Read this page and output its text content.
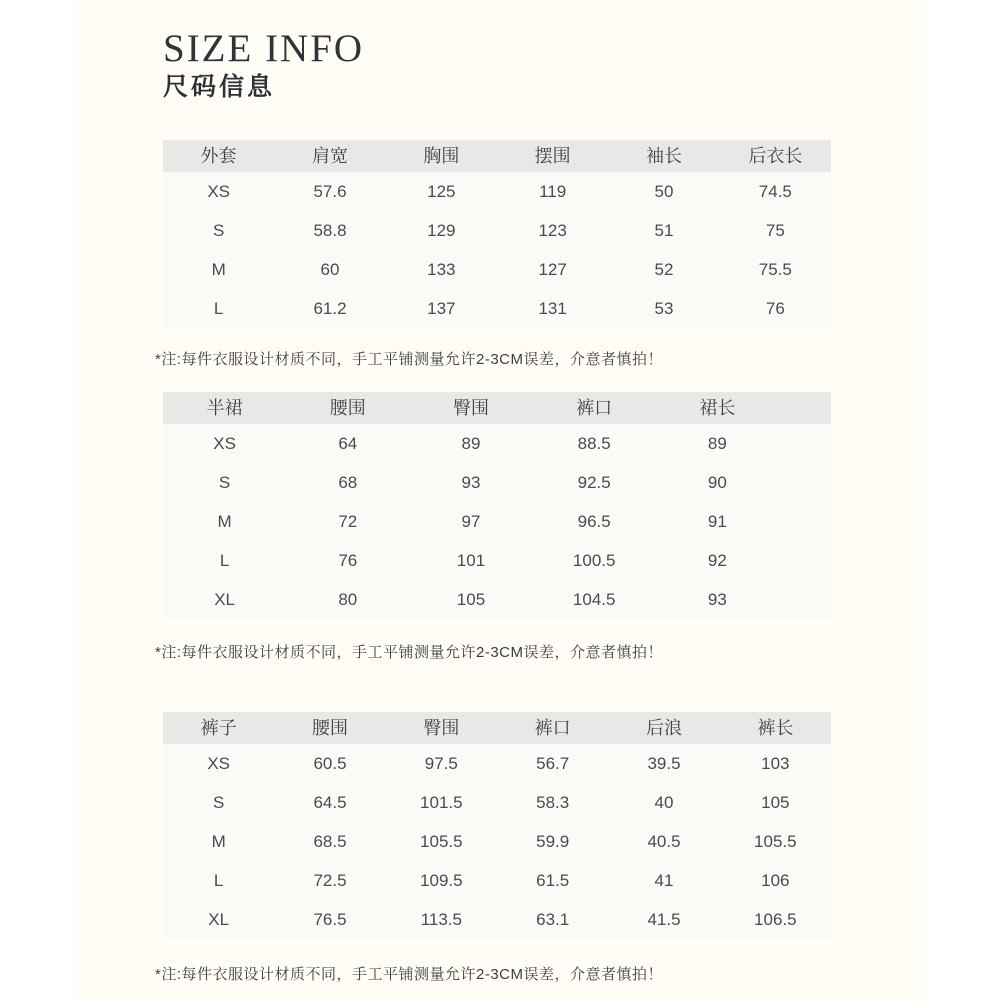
SIZE INFO
尺码信息
外套	肩宽	胸围	摆围	袖长	后衣长
XS	57.6	125	119	50	74.5
S	58.8	129	123	51	75
M	60	133	127	52	75.5
L	61.2	137	131	53	76
*注:每件衣服设计材质不同，手工平铺测量允许2-3CM误差，介意者慎拍！
半裙	腰围	臀围	裤口	裙长
XS	64	89	88.5	89
S	68	93	92.5	90
M	72	97	96.5	91
L	76	101	100.5	92
XL	80	105	104.5	93
*注:每件衣服设计材质不同，手工平铺测量允许2-3CM误差，介意者慎拍！
裤子	腰围	臀围	裤口	后浪	裤长
XS	60.5	97.5	56.7	39.5	103
S	64.5	101.5	58.3	40	105
M	68.5	105.5	59.9	40.5	105.5
L	72.5	109.5	61.5	41	106
XL	76.5	113.5	63.1	41.5	106.5
*注:每件衣服设计材质不同，手工平铺测量允许2-3CM误差，介意者慎拍！
